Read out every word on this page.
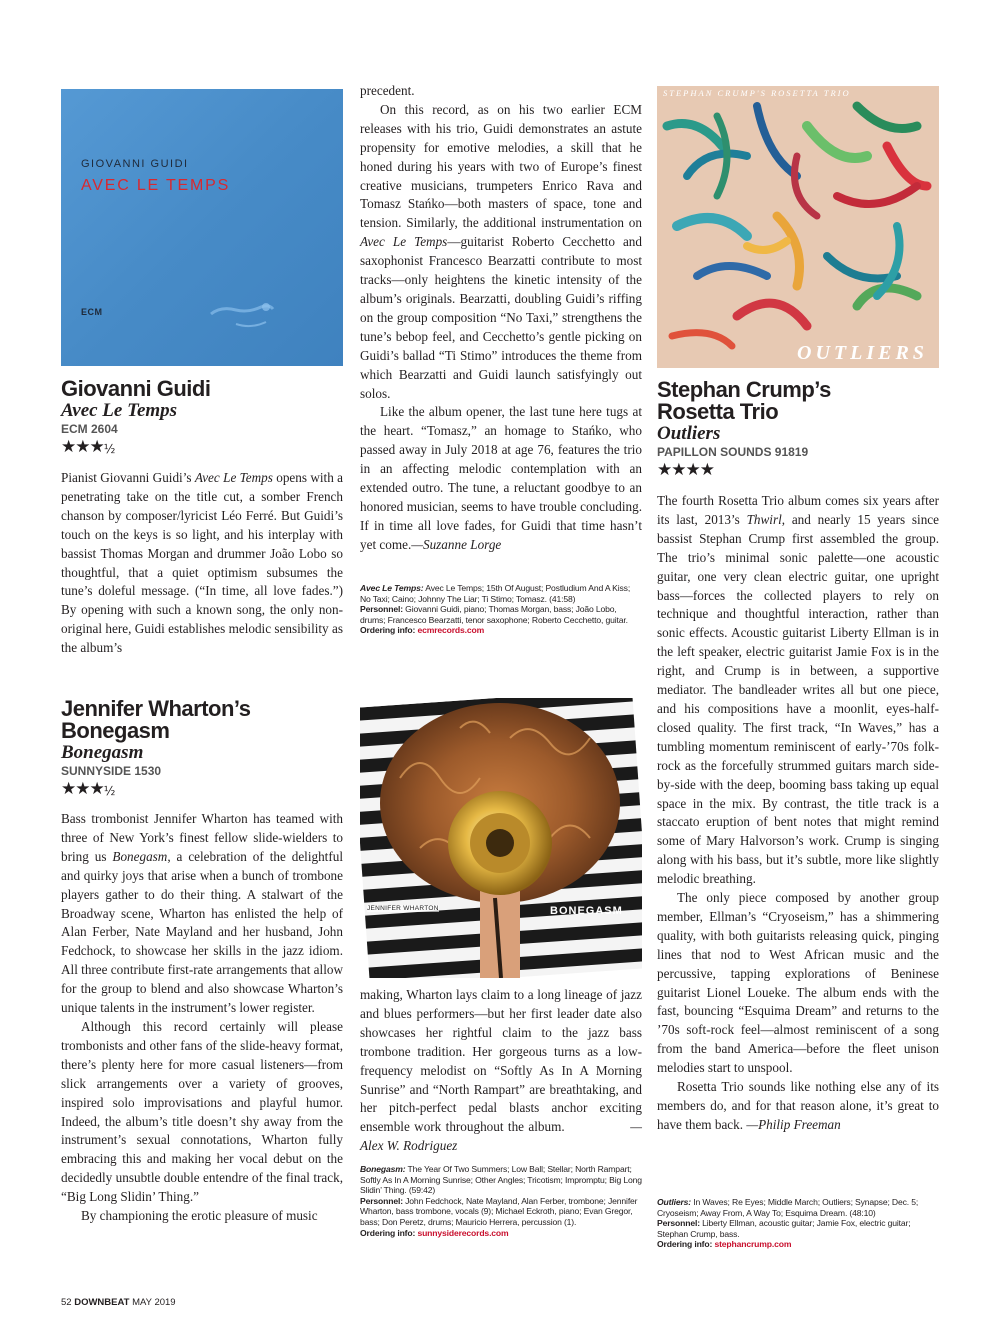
GIOVANNI GUIDI
AVEC LE TEMPS
ECM
Giovanni Guidi
Avec Le Temps
ECM 2604
★★★½

Pianist Giovanni Guidi’s Avec Le Temps opens with a penetrating take on the title cut, a somber French chanson by composer/lyricist Léo Ferré. But Guidi’s touch on the keys is so light, and his interplay with bassist Thomas Morgan and drummer João Lobo so thoughtful, that a quiet optimism subsumes the tune’s doleful message. (“In time, all love fades.”) By opening with such a known song, the only non-original here, Guidi establishes melodic sensibility as the album’s

precedent.

On this record, as on his two earlier ECM releases with his trio, Guidi demonstrates an astute propensity for emotive melodies, a skill that he honed during his years with two of Europe’s finest creative musicians, trumpeters Enrico Rava and Tomasz Stańko—both masters of space, tone and tension. Similarly, the additional instrumentation on Avec Le Temps—guitarist Roberto Cecchetto and saxophonist Francesco Bearzatti contribute to most tracks—only heightens the kinetic intensity of the album’s originals. Bearzatti, doubling Guidi’s riffing on the group composition “No Taxi,” strengthens the tune’s bebop feel, and Cecchetto’s gentle picking on Guidi’s ballad “Ti Stimo” introduces the theme from which Bearzatti and Guidi launch satisfyingly out solos.

Like the album opener, the last tune here tugs at the heart. “Tomasz,” an homage to Stańko, who passed away in July 2018 at age 76, features the trio in an affecting melodic contemplation with an extended outro. The tune, a reluctant goodbye to an honored musician, seems to have trouble concluding. If in time all love fades, for Guidi that time hasn’t yet come.—Suzanne Lorge

Avec Le Temps: Avec Le Temps; 15th Of August; Postludium And A Kiss; No Taxi; Caino; Johnny The Liar; Ti Stimo; Tomasz. (41:58)

Personnel: Giovanni Guidi, piano; Thomas Morgan, bass; João Lobo, drums; Francesco Bearzatti, tenor saxophone; Roberto Cecchetto, guitar.

Ordering info: ecmrecords.com

STEPHAN CRUMP'S ROSETTA TRIO
OUTLIERS
Stephan Crump’s
Rosetta Trio
Outliers
PAPILLON SOUNDS 91819
★★★★

The fourth Rosetta Trio album comes six years after its last, 2013’s Thwirl, and nearly 15 years since bassist Stephan Crump first assembled the group. The trio’s minimal sonic palette—one acoustic guitar, one very clean electric guitar, one upright bass—forces the collected players to rely on technique and thoughtful interaction, rather than sonic effects. Acoustic guitarist Liberty Ellman is in the left speaker, electric guitarist Jamie Fox is in the right, and Crump is in between, a supportive mediator. The bandleader writes all but one piece, and his compositions have a moonlit, eyes-half-closed quality. The first track, “In Waves,” has a tumbling momentum reminiscent of early-’70s folk-rock as the forcefully strummed guitars march side-by-side with the deep, booming bass taking up equal space in the mix. By contrast, the title track is a staccato eruption of bent notes that might remind some of Mary Halvorson’s work. Crump is singing along with his bass, but it’s subtle, more like slightly melodic breathing.

The only piece composed by another group member, Ellman’s “Cryoseism,” has a shimmering quality, with both guitarists releasing quick, pinging lines that nod to West African music and the percussive, tapping explorations of Beninese guitarist Lionel Loueke. The album ends with the fast, bouncing “Esquima Dream” and returns to the ’70s soft-rock feel—almost reminiscent of a song from the band America—before the fleet unison melodies start to unspool.

Rosetta Trio sounds like nothing else any of its members do, and for that reason alone, it’s great to have them back. —Philip Freeman

Outliers: In Waves; Re Eyes; Middle March; Outliers; Synapse; Dec. 5; Cryoseism; Away From, A Way To; Esquima Dream. (48:10)

Personnel: Liberty Ellman, acoustic guitar; Jamie Fox, electric guitar; Stephan Crump, bass.

Ordering info: stephancrump.com

Jennifer Wharton’s
Bonegasm
Bonegasm
SUNNYSIDE 1530
★★★½

Bass trombonist Jennifer Wharton has teamed with three of New York’s finest fellow slide-wielders to bring us Bonegasm, a celebration of the delightful and quirky joys that arise when a bunch of trombone players gather to do their thing. A stalwart of the Broadway scene, Wharton has enlisted the help of Alan Ferber, Nate Mayland and her husband, John Fedchock, to showcase her skills in the jazz idiom. All three contribute first-rate arrangements that allow for the group to blend and also showcase Wharton’s unique talents in the instrument’s lower register.

Although this record certainly will please trombonists and other fans of the slide-heavy format, there’s plenty here for more casual listeners—from slick arrangements over a variety of grooves, inspired solo improvisations and playful humor. Indeed, the album’s title doesn’t shy away from the instrument’s sexual connotations, Wharton fully embracing this and making her vocal debut on the decidedly unsubtle double entendre of the final track, “Big Long Slidin’ Thing.”

By championing the erotic pleasure of music

JENNIFER WHARTON	BONEGASM

making, Wharton lays claim to a long lineage of jazz and blues performers—but her first leader date also showcases her rightful claim to the jazz bass trombone tradition. Her gorgeous turns as a low-frequency melodist on “Softly As In A Morning Sunrise” and “North Rampart” are breathtaking, and her pitch-perfect pedal blasts anchor exciting ensemble work throughout the album.	—Alex W. Rodriguez

Bonegasm: The Year Of Two Summers; Low Ball; Stellar; North Rampart; Softly As In A Morning Sunrise; Other Angles; Tricotism; Impromptu; Big Long Slidin’ Thing. (59:42)

Personnel: John Fedchock, Nate Mayland, Alan Ferber, trombone; Jennifer Wharton, bass trombone, vocals (9); Michael Eckroth, piano; Evan Gregor, bass; Don Peretz, drums; Mauricio Herrera, percussion (1).

Ordering info: sunnysiderecords.com

52 DOWNBEAT MAY 2019
